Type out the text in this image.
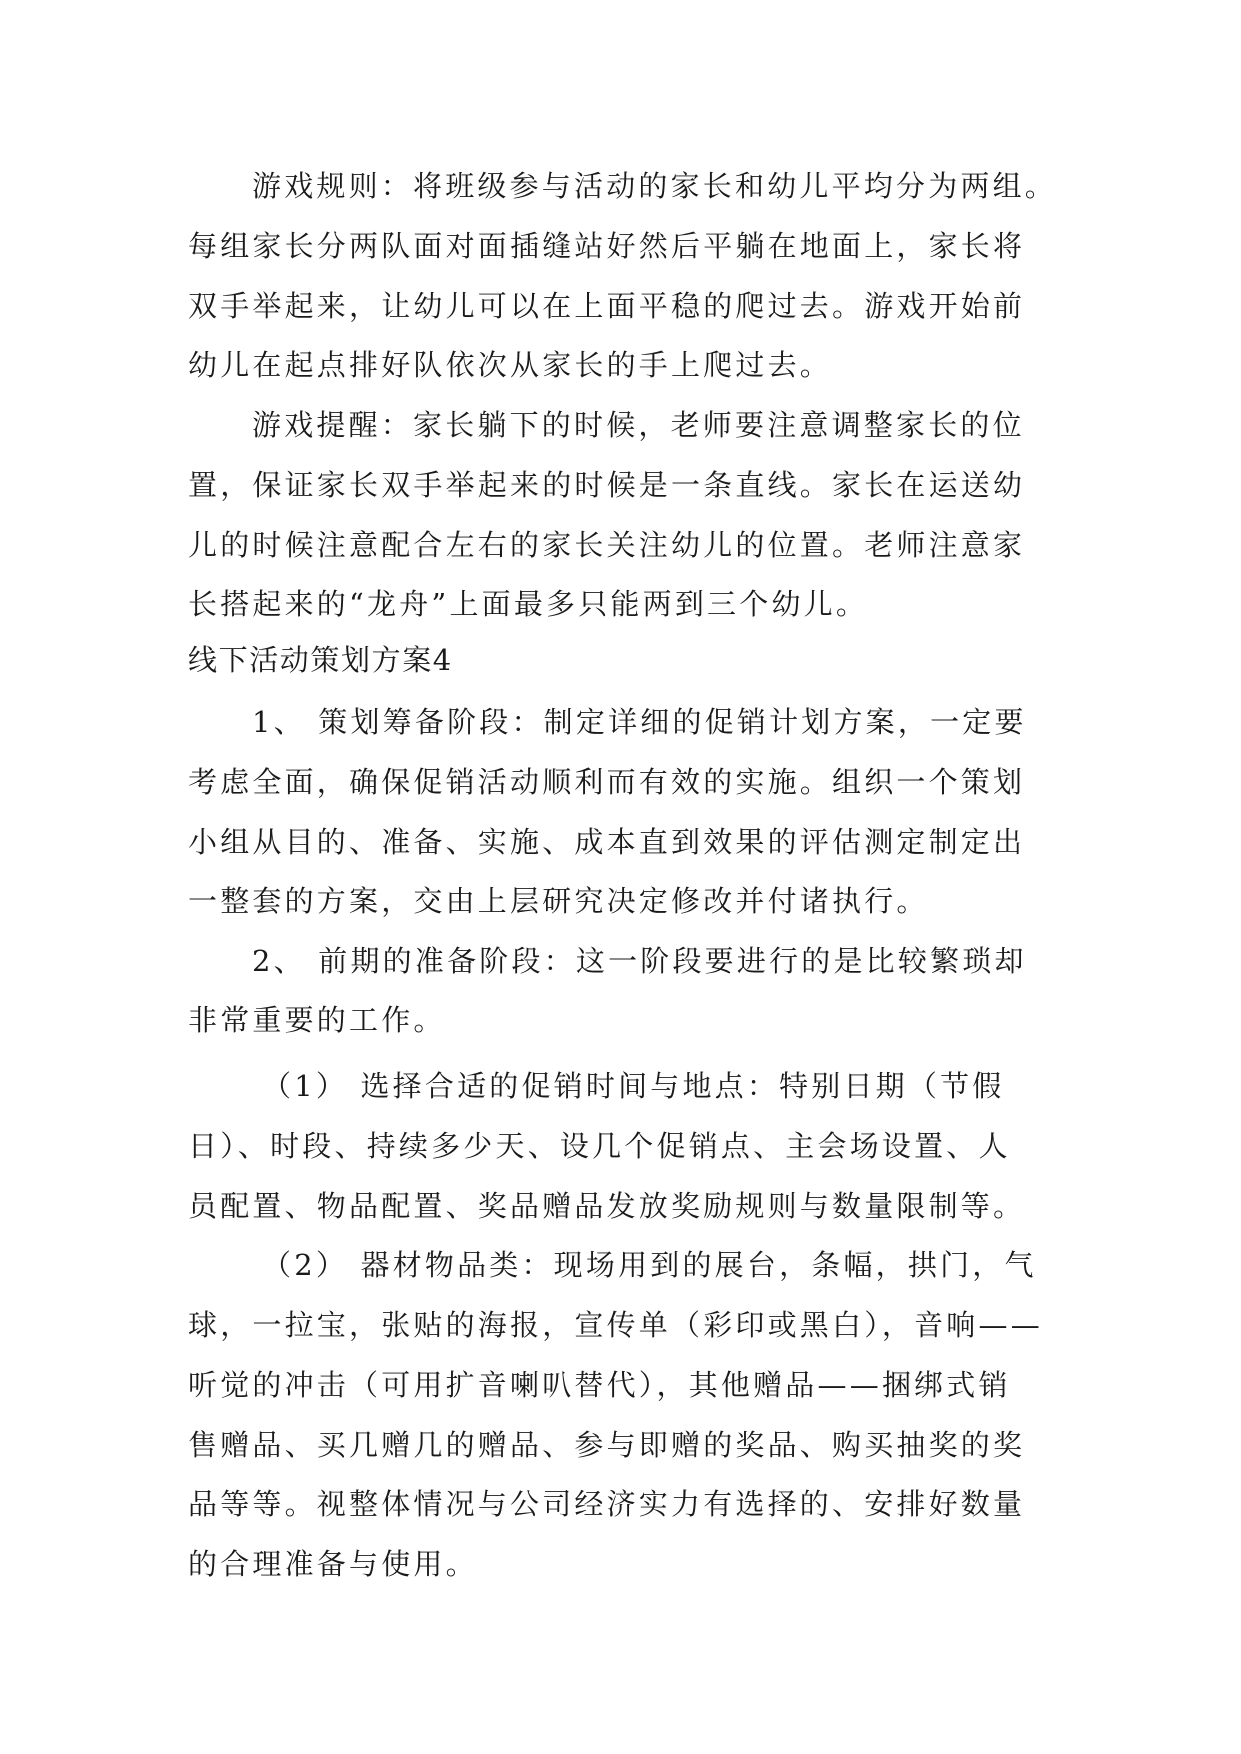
游戏规则：将班级参与活动的家长和幼儿平均分为两组。
每组家长分两队面对面插缝站好然后平躺在地面上，家长将
双手举起来，让幼儿可以在上面平稳的爬过去。游戏开始前
幼儿在起点排好队依次从家长的手上爬过去。
游戏提醒：家长躺下的时候，老师要注意调整家长的位
置，保证家长双手举起来的时候是一条直线。家长在运送幼
儿的时候注意配合左右的家长关注幼儿的位置。老师注意家
长搭起来的“龙舟”上面最多只能两到三个幼儿。
线下活动策划方案4
1、 策划筹备阶段：制定详细的促销计划方案，一定要
考虑全面，确保促销活动顺利而有效的实施。组织一个策划
小组从目的、准备、实施、成本直到效果的评估测定制定出
一整套的方案，交由上层研究决定修改并付诸执行。
2、 前期的准备阶段：这一阶段要进行的是比较繁琐却
非常重要的工作。
（1） 选择合适的促销时间与地点：特别日期（节假
日）、时段、持续多少天、设几个促销点、主会场设置、人
员配置、物品配置、奖品赠品发放奖励规则与数量限制等。
（2） 器材物品类：现场用到的展台，条幅，拱门，气
球，一拉宝，张贴的海报，宣传单（彩印或黑白），音响——
听觉的冲击（可用扩音喇叭替代），其他赠品——捆绑式销
售赠品、买几赠几的赠品、参与即赠的奖品、购买抽奖的奖
品等等。视整体情况与公司经济实力有选择的、安排好数量
的合理准备与使用。
